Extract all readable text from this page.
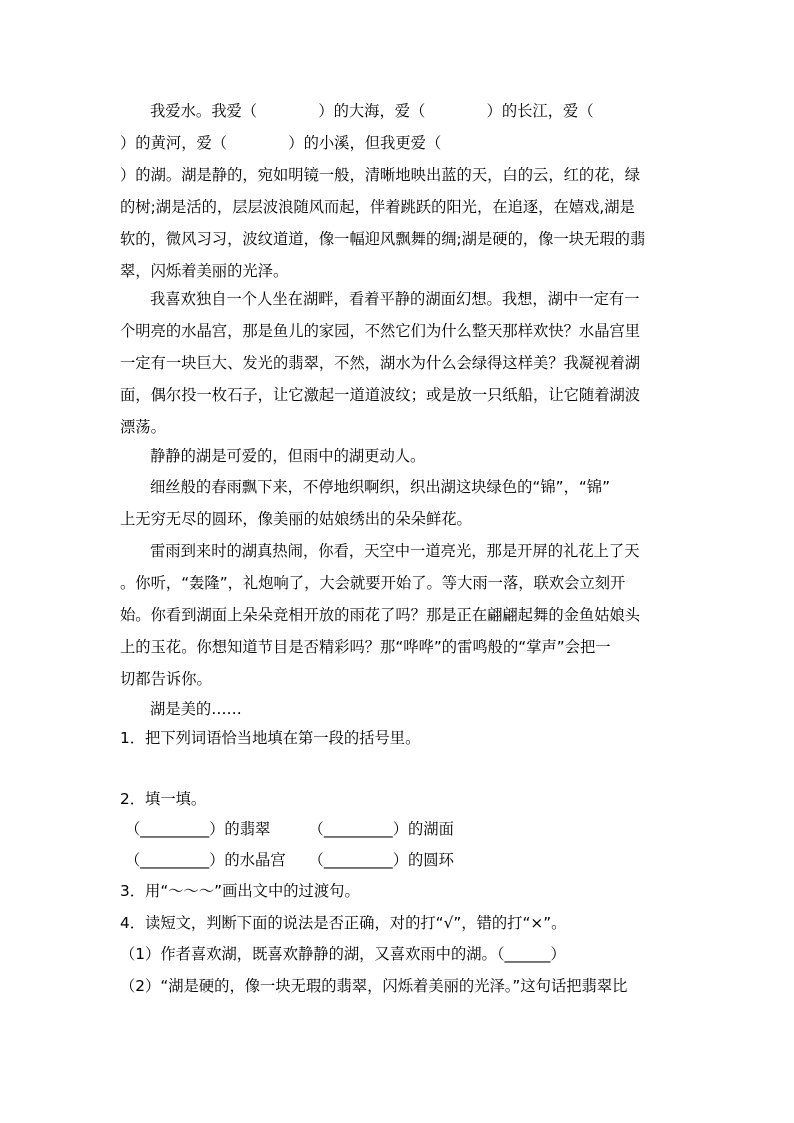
我爱水。我爱（　　　　）的大海，爱（　　　　）的长江，爱（
）的黄河，爱（　　　　）的小溪，但我更爱（
）的湖。湖是静的，宛如明镜一般，清晰地映出蓝的天，白的云，红的花，绿
的树;湖是活的，层层波浪随风而起，伴着跳跃的阳光，在追逐，在嬉戏,湖是
软的，微风习习，波纹道道，像一幅迎风飘舞的绸;湖是硬的，像一块无瑕的翡
翠，闪烁着美丽的光泽。
我喜欢独自一个人坐在湖畔，看着平静的湖面幻想。我想，湖中一定有一
个明亮的水晶宫，那是鱼儿的家园，不然它们为什么整天那样欢快？水晶宫里
一定有一块巨大、发光的翡翠，不然，湖水为什么会绿得这样美？我凝视着湖
面，偶尔投一枚石子，让它激起一道道波纹；或是放一只纸船，让它随着湖波
漂荡。
静静的湖是可爱的，但雨中的湖更动人。
细丝般的春雨飘下来，不停地织啊织，织出湖这块绿色的“锦”，“锦”
上无穷无尽的圆环，像美丽的姑娘绣出的朵朵鲜花。
雷雨到来时的湖真热闹，你看，天空中一道亮光，那是开屏的礼花上了天
。你听，“轰隆”，礼炮响了，大会就要开始了。等大雨一落，联欢会立刻开
始。你看到湖面上朵朵竞相开放的雨花了吗？那是正在翩翩起舞的金鱼姑娘头
上的玉花。你想知道节目是否精彩吗？那“哗哗”的雷鸣般的“掌声”会把一
切都告诉你。
湖是美的……
1．把下列词语恰当地填在第一段的括号里。

2．填一填。
（_________）的翡翠　　　（_________）的湖面
（_________）的水晶宫　　（_________）的圆环
3．用“～～～”画出文中的过渡句。
4．读短文，判断下面的说法是否正确，对的打“√”，错的打“×”。
（1）作者喜欢湖，既喜欢静静的湖，又喜欢雨中的湖。（______）
（2）“湖是硬的，像一块无瑕的翡翠，闪烁着美丽的光泽。”这句话把翡翠比
